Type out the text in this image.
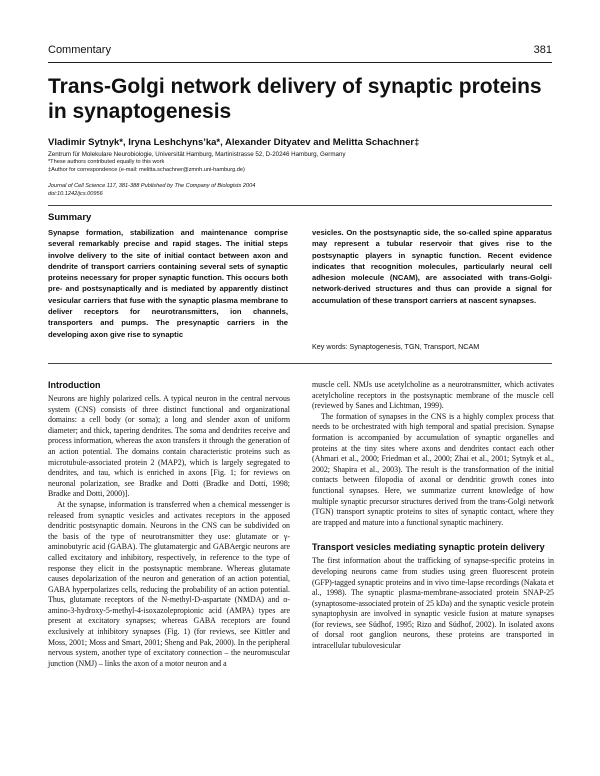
Commentary	381
Trans-Golgi network delivery of synaptic proteins in synaptogenesis
Vladimir Sytnyk*, Iryna Leshchyns’ka*, Alexander Dityatev and Melitta Schachner‡
Zentrum für Molekulare Neurobiologie, Universität Hamburg, Martinistrasse 52, D-20246 Hamburg, Germany
*These authors contributed equally to this work
‡Author for correspondence (e-mail: melitta.schachner@zmnh.uni-hamburg.de)
Journal of Cell Science 117, 381-388 Published by The Company of Biologists 2004
doi:10.1242/jcs.00956
Summary

Synapse formation, stabilization and maintenance comprise several remarkably precise and rapid stages. The initial steps involve delivery to the site of initial contact between axon and dendrite of transport carriers containing several sets of synaptic proteins necessary for proper synaptic function. This occurs both pre- and postsynaptically and is mediated by apparently distinct vesicular carriers that fuse with the synaptic plasma membrane to deliver receptors for neurotransmitters, ion channels, transporters and pumps. The presynaptic carriers in the developing axon give rise to synaptic

vesicles. On the postsynaptic side, the so-called spine apparatus may represent a tubular reservoir that gives rise to the postsynaptic players in synaptic function. Recent evidence indicates that recognition molecules, particularly neural cell adhesion molecule (NCAM), are associated with trans-Golgi-network-derived structures and thus can provide a signal for accumulation of these transport carriers at nascent synapses.

Key words: Synaptogenesis, TGN, Transport, NCAM
Introduction

Neurons are highly polarized cells. A typical neuron in the central nervous system (CNS) consists of three distinct functional and organizational domains: a cell body (or soma); a long and slender axon of uniform diameter; and thick, tapering dendrites. The soma and dendrites receive and process information, whereas the axon transfers it through the generation of an action potential. The domains contain characteristic proteins such as microtubule-associated protein 2 (MAP2), which is largely segregated to dendrites, and tau, which is enriched in axons [Fig. 1; for reviews on neuronal polarization, see Bradke and Dotti (Bradke and Dotti, 1998; Bradke and Dotti, 2000)].

At the synapse, information is transferred when a chemical messenger is released from synaptic vesicles and activates receptors in the apposed dendritic postsynaptic domain. Neurons in the CNS can be subdivided on the basis of the type of neurotransmitter they use: glutamate or γ-aminobutyric acid (GABA). The glutamatergic and GABAergic neurons are called excitatory and inhibitory, respectively, in reference to the type of response they elicit in the postsynaptic membrane. Whereas glutamate causes depolarization of the neuron and generation of an action potential, GABA hyperpolarizes cells, reducing the probability of an action potential. Thus, glutamate receptors of the N-methyl-D-aspartate (NMDA) and α-amino-3-hydroxy-5-methyl-4-isoxazolepropionic acid (AMPA) types are present at excitatory synapses; whereas GABA receptors are found exclusively at inhibitory synapses (Fig. 1) (for reviews, see Kittler and Moss, 2001; Moss and Smart, 2001; Sheng and Pak, 2000). In the peripheral nervous system, another type of excitatory connection – the neuromuscular junction (NMJ) – links the axon of a motor neuron and a

muscle cell. NMJs use acetylcholine as a neurotransmitter, which activates acetylcholine receptors in the postsynaptic membrane of the muscle cell (reviewed by Sanes and Lichtman, 1999).

The formation of synapses in the CNS is a highly complex process that needs to be orchestrated with high temporal and spatial precision. Synapse formation is accompanied by accumulation of synaptic organelles and proteins at the tiny sites where axons and dendrites contact each other (Ahmari et al., 2000; Friedman et al., 2000; Zhai et al., 2001; Sytnyk et al., 2002; Shapira et al., 2003). The result is the transformation of the initial contacts between filopodia of axonal or dendritic growth cones into functional synapses. Here, we summarize current knowledge of how multiple synaptic precursor structures derived from the trans-Golgi network (TGN) transport synaptic proteins to sites of synaptic contact, where they are trapped and mature into a functional synaptic machinery.

Transport vesicles mediating synaptic protein delivery

The first information about the trafficking of synapse-specific proteins in developing neurons came from studies using green fluorescent protein (GFP)-tagged synaptic proteins and in vivo time-lapse recordings (Nakata et al., 1998). The synaptic plasma-membrane-associated protein SNAP-25 (synaptosome-associated protein of 25 kDa) and the synaptic vesicle protein synaptophysin are involved in synaptic vesicle fusion at mature synapses (for reviews, see Südhof, 1995; Rizo and Südhof, 2002). In isolated axons of dorsal root ganglion neurons, these proteins are transported in intracellular tubulovesicular
